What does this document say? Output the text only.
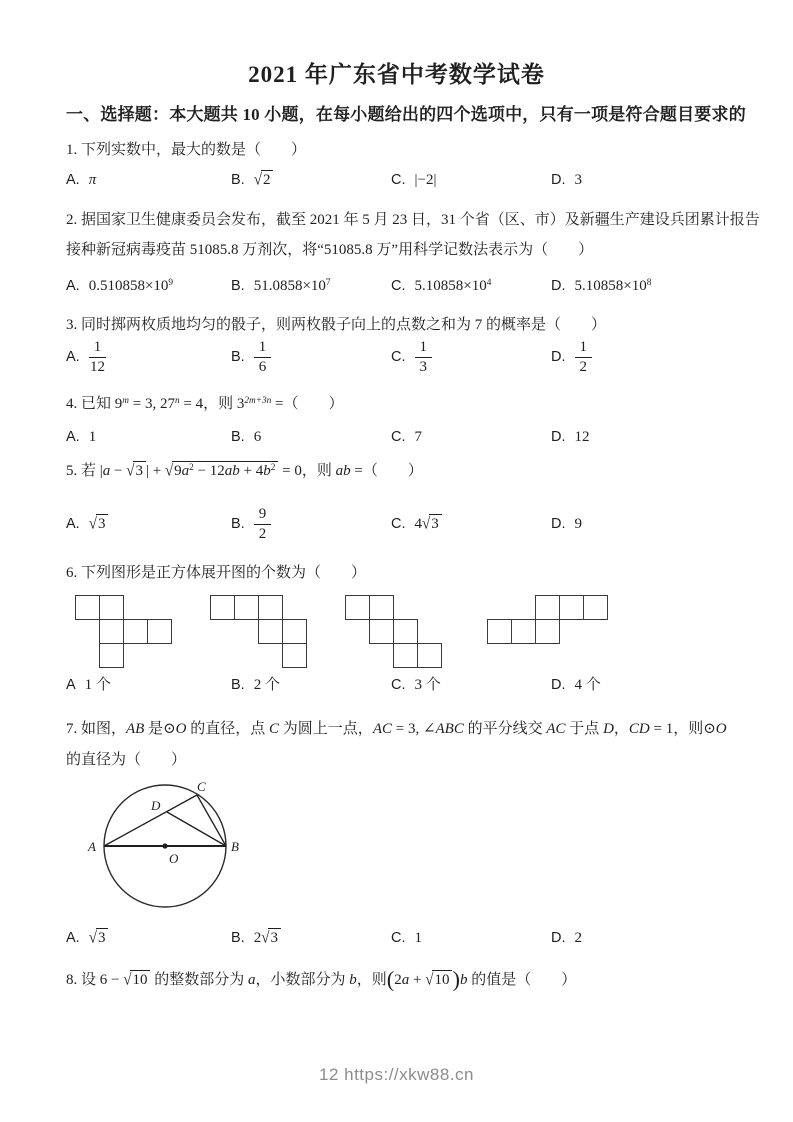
2021 年广东省中考数学试卷
一、选择题：本大题共 10 小题，在每小题给出的四个选项中，只有一项是符合题目要求的
1. 下列实数中，最大的数是（　　）
A. π	B. √2	C. |−2|	D. 3
2. 据国家卫生健康委员会发布，截至 2021 年 5 月 23 日，31 个省（区、市）及新疆生产建设兵团累计报告
接种新冠病毒疫苗 51085.8 万剂次，将“51085.8 万”用科学记数法表示为（　　）
A. $0.510858\times 10^9$	B. $51.0858\times 10^7$	C. $5.10858\times 10^4$	D. $5.10858\times 10^8$
3. 同时掷两枚质地均匀的骰子，则两枚骰子向上的点数之和为 7 的概率是（　　）
A. $\frac{1}{12}$	B. $\frac{1}{6}$	C. $\frac{1}{3}$	D. $\frac{1}{2}$
4. 已知 $9^m = 3$, $27^n = 4$，则 $3^{2m+3n}$ =（　　）
A. 1	B. 6	C. 7	D. 12
5. 若 |a − √3 | + $√9a^2 - 12ab + 4b^2 = 0$，则 ab =（　　）
A. √3	B. $\frac{9}{2}$	C. 4√3	D. 9
6. 下列图形是正方体展开图的个数为（　　）
A 1 个	B. 2 个	C. 3 个	D. 4 个
7. 如图，AB 是⊙O 的直径，点 C 为圆上一点，AC = 3, ∠ABC 的平分线交 AC 于点 D，CD = 1，则⊙O
的直径为（　　）
A	B
C
D
O
A. √3	B. 2√3	C. 1	D. 2
8. 设 6 − √10 的整数部分为 a，小数部分为 b，则(2a + √10 )b 的值是（　　）
12 https://xkw88.cn
